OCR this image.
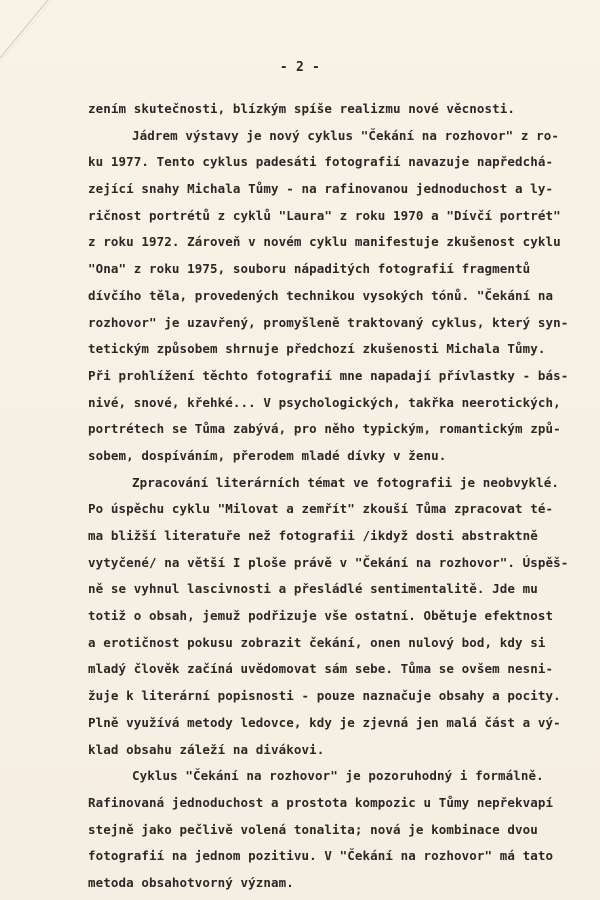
- 2 -
zením skutečnosti, blízkým spíše realizmu nové věcnosti.
Jádrem výstavy je nový cyklus "Čekání na rozhovor" z ro-
ku 1977. Tento cyklus padesáti fotografií navazuje napředchá-
zející snahy Michala Tůmy - na rafinovanou jednoduchost a ly-
ričnost portrétů z cyklů "Laura" z roku 1970 a "Dívčí portrét"
z roku 1972. Zároveň v novém cyklu manifestuje zkušenost cyklu
"Ona" z roku 1975, souboru nápaditých fotografií fragmentů
dívčího těla, provedených technikou vysokých tónů. "Čekání na
rozhovor" je uzavřený, promyšleně traktovaný cyklus, který syn-
tetickým způsobem shrnuje předchozí zkušenosti Michala Tůmy.
Při prohlížení těchto fotografií mne napadají přívlastky - bás-
nivé, snové, křehké... V psychologických, takřka neerotických,
portrétech se Tůma zabývá, pro něho typickým, romantickým způ-
sobem, dospíváním, přerodem mladé dívky v ženu.
Zpracování literárních témat ve fotografii je neobvyklé.
Po úspěchu cyklu "Milovat a zemřít" zkouší Tůma zpracovat té-
ma bližší literatuře než fotografii /ikdyž dosti abstraktně
vytyčené/ na větší I ploše právě v "Čekání na rozhovor". Úspěš-
ně se vyhnul lascivnosti a přesládlé sentimentalitě. Jde mu
totiž o obsah, jemuž podřizuje vše ostatní. Obětuje efektnost
a erotičnost pokusu zobrazit čekání, onen nulový bod, kdy si
mladý člověk začíná uvědomovat sám sebe. Tůma se ovšem nesni-
žuje k literární popisnosti - pouze naznačuje obsahy a pocity.
Plně využívá metody ledovce, kdy je zjevná jen malá část a vý-
klad obsahu záleží na divákovi.
Cyklus "Čekání na rozhovor" je pozoruhodný i formálně.
Rafinovaná jednoduchost a prostota kompozic u Tůmy nepřekvapí
stejně jako pečlivě volená tonalita; nová je kombinace dvou
fotografií na jednom pozitivu. V "Čekání na rozhovor" má tato
metoda obsahotvorný význam.
